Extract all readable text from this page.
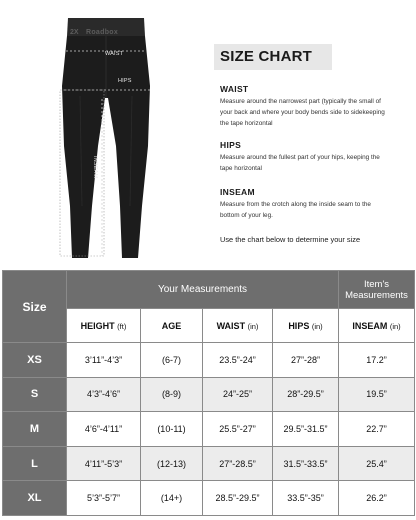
2X Roadbox
WAIST
HIPS
INSEAM
SIZE CHART
WAIST
Measure around the narrowest part (typically the small of your back and where your body bends side to sidekeeping the tape horizontal
HIPS
Measure around the fullest part of your hips, keeping the tape horizontal
INSEAM
Measure from the crotch along the inside seam to the bottom of your leg.
Use the chart below to determine your size
Size	Your Measurements				Item's
Measurements
	HEIGHT (ft)	AGE	WAIST (in)	HIPS (in)	INSEAM (in)
XS	3’11”-4’3”	(6-7)	23.5”-24”	27”-28”	17.2”
S	4’3”-4’6”	(8-9)	24”-25”	28”-29.5”	19.5”
M	4’6”-4’11”	(10-11)	25.5”-27”	29.5”-31.5”	22.7”
L	4’11”-5’3”	(12-13)	27”-28.5”	31.5”-33.5”	25.4”
XL	5’3”-5’7”	(14+)	28.5”-29.5”	33.5”-35”	26.2”
